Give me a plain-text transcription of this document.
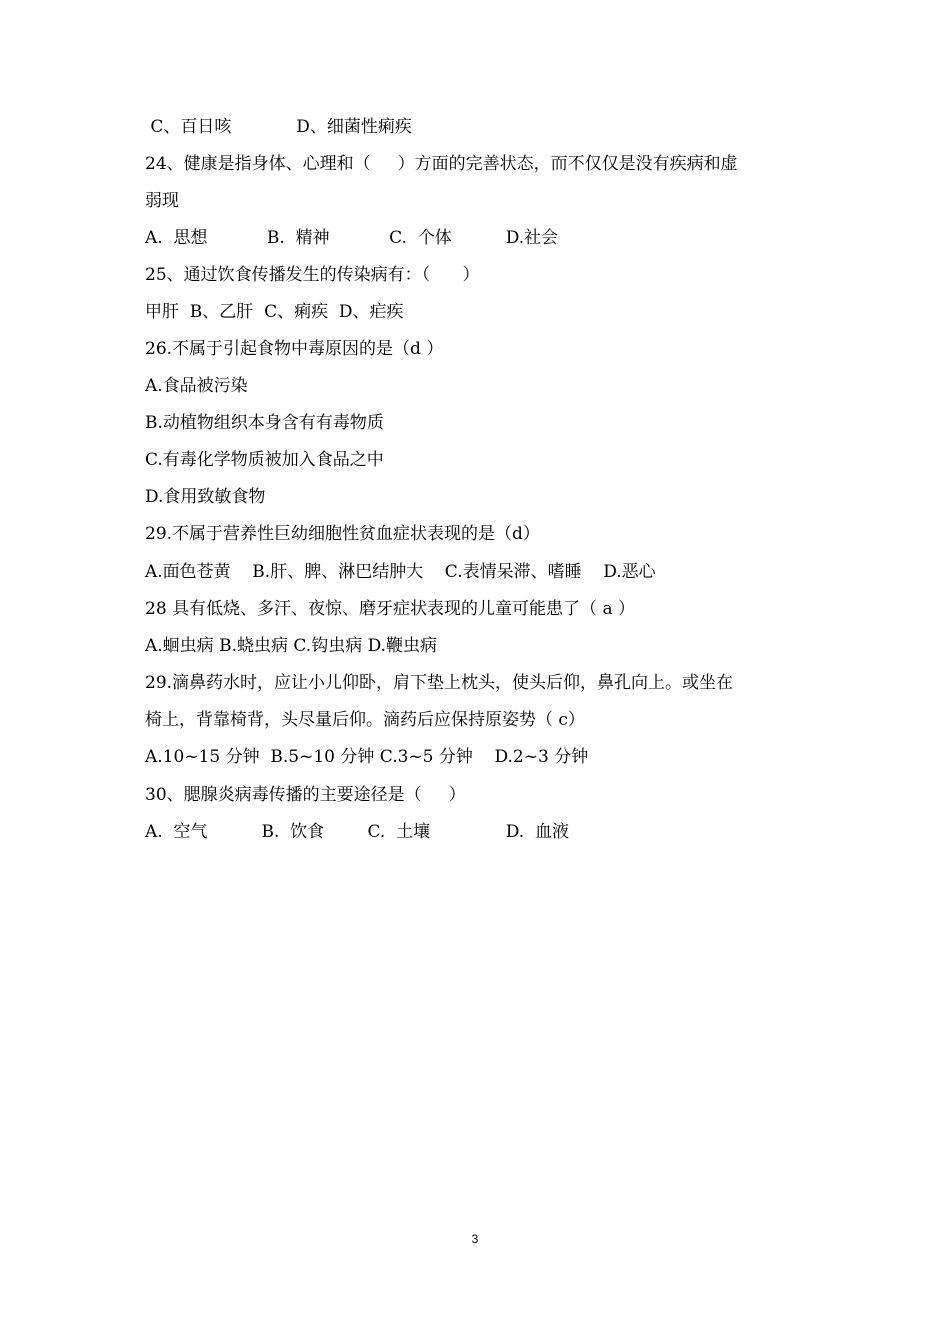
C、百日咳            D、细菌性痢疾
24、健康是指身体、心理和（     ）方面的完善状态，而不仅仅是没有疾病和虚
弱现
A.  思想           B.  精神           C.  个体          D.社会
25、通过饮食传播发生的传染病有：（      ）
甲肝  B、乙肝  C、痢疾  D、疟疾
26.不属于引起食物中毒原因的是（d ）
A.食品被污染
B.动植物组织本身含有有毒物质
C.有毒化学物质被加入食品之中
D.食用致敏食物
29.不属于营养性巨幼细胞性贫血症状表现的是（d）
A.面色苍黄    B.肝、脾、淋巴结肿大    C.表情呆滞、嗜睡    D.恶心
28 具有低烧、多汗、夜惊、磨牙症状表现的儿童可能患了（ a ）
A.蛔虫病 B.蛲虫病 C.钩虫病 D.鞭虫病
29.滴鼻药水时，应让小儿仰卧，肩下垫上枕头，使头后仰，鼻孔向上。或坐在
椅上，背靠椅背，头尽量后仰。滴药后应保持原姿势（ c）
A.10~15 分钟  B.5~10 分钟 C.3~5 分钟    D.2~3 分钟
30、腮腺炎病毒传播的主要途径是（     ）
A.  空气          B.  饮食        C.  土壤              D.  血液
3
